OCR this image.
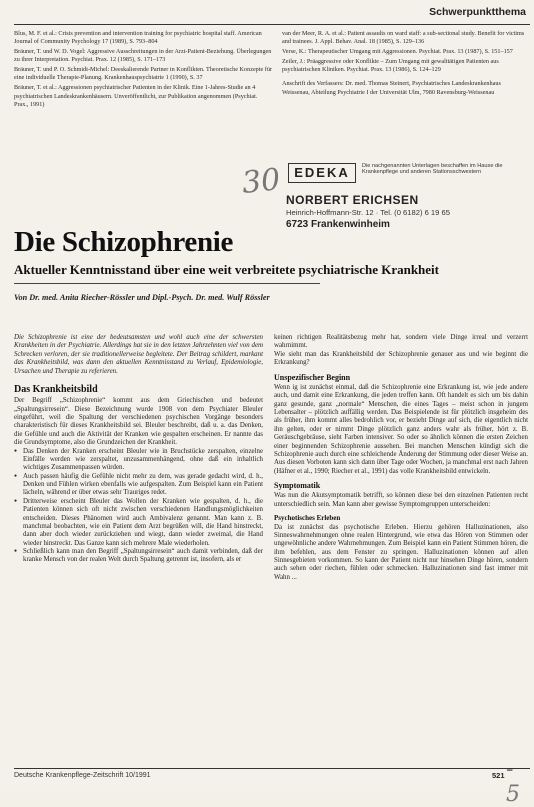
Schwerpunktthema

Blus, M. F. et al.: Crisis prevention and intervention training for psychiatric hospital staff. American Journal of Community Psychology 17 (1989), S. 793–804

Bräuner, T. und W. D. Vogel: Aggressive Ausschreitungen in der Arzt-Patient-Beziehung. Überlegungen zu ihrer Interpretation. Psychiat. Prax. 12 (1985), S. 171–173

Bräuner, T. und P. O. Schmidt-Michel: Deeskalierende Partner in Konflikten. Theoretische Konzepte für eine individuelle Therapie-Planung. Krankenhauspsychiatrie 1 (1990), S. 37

Bräuner, T. et al.: Aggressionen psychiatrischer Patienten in der Klinik. Eine 1-Jahres-Studie an 4 psychiatrischen Landeskrankenhäusern. Unveröffentlicht, zur Publikation angenommen (Psychiat. Prax., 1991)

van der Meer, R. A. et al.: Patient assaults on ward staff: a sub-sectional study. Benefit for victims and trainees. J. Appl. Behav. Anal. 18 (1985), S. 129–136

Verse, K.: Therapeutischer Umgang mit Aggressionen. Psychiat. Prax. 13 (1987), S. 151–157

Zeiler, J.: Präaggressive oder Konflikte – Zum Umgang mit gewalttätigen Patienten aus psychiatrischen Kliniken. Psychiat. Prax. 13 (1986), S. 124–129

Anschrift des Verfassers: Dr. med. Thomas Steinert, Psychiatrisches Landeskrankenhaus Weissenau, Abteilung Psychiatrie I der Universität Ulm, 7980 Ravensburg-Weissenau

30 EDEKA	Die nachgenannten Unterlagen beschaffen im Hause die Krankenpflege und anderen Stationsschwestern
NORBERT ERICHSEN
Heinrich-Hoffmann-Str. 12 · Tel. (0 6182) 6 19 65
6723 Frankenwinheim
Die Schizophrenie
Aktueller Kenntnisstand über eine weit verbreitete psychiatrische Krankheit
Von Dr. med. Anita Riecher-Rössler und Dipl.-Psych. Dr. med. Wulf Rössler

Die Schizophrenie ist eine der bedeutsamsten und wohl auch eine der schwersten Krankheiten in der Psychiatrie. Allerdings hat sie in den letzten Jahrzehnten viel von dem Schrecken verloren, der sie traditionellerweise begleitete. Der Beitrag schildert, markant das Krankheitsbild, was dann den aktuellen Kenntnisstand zu Verlauf, Epidemiologie, Ursachen und Therapie zu referieren.

Das Krankheitsbild

Der Begriff „Schizophrenie“ kommt aus dem Griechischen und bedeutet „Spaltungsirresein“. Diese Bezeichnung wurde 1908 von dem Psychiater Bleuler eingeführt, weil die Spaltung der verschiedenen psychischen Vorgänge besonders charakteristisch für dieses Krankheitsbild sei. Bleuler beschreibt, daß u. a. das Denken, die Gefühle und auch die Aktivität der Kranken wie gespalten erscheinen. Er nannte das die Grundsymptome, also die Grundzeichen der Krankheit.

● Das Denken der Kranken erscheint Bleuler wie in Bruchstücke zerspalten, einzelne Einfälle werden wie zerspaltet, unzusammenhängend, ohne daß ein inhaltlich wichtiges Zusammenpassen würden.

● Auch passen häufig die Gefühle nicht mehr zu dem, was gerade gedacht wird, d. h., Denken und Fühlen wirken ebenfalls wie aufgespalten. Zum Beispiel kann ein Patient lächeln, während er über etwas sehr Trauriges redet.

● Dritterweise erscheint Bleuler das Wollen der Kranken wie gespalten, d. h., die Patienten können sich oft nicht zwischen verschiedenen Handlungsmöglichkeiten entscheiden. Dieses Phänomen wird auch Ambivalenz genannt. Man kann z. B. manchmal beobachten, wie ein Patient dem Arzt begrüßen will, die Hand hinstreckt, dann aber doch wieder zurückziehen und wiegt, dann wieder zweimal, die Hand wieder hinstreckt. Das Ganze kann sich mehrere Male wiederholen.

● Schließlich kann man den Begriff „Spaltungsirresein“ auch damit verbinden, daß der kranke Mensch von der realen Welt durch Spaltung getrennt ist, insofern, als er

keinen richtigen Realitätsbezug mehr hat, sondern viele Dinge irreal und verzerrt wahrnimmt.

Wie sieht man das Krankheitsbild der Schizophrenie genauer aus und wie beginnt die Erkrankung?

Unspezifischer Beginn

Wenn ig ist zunächst einmal, daß die Schizophrenie eine Erkrankung ist, wie jede andere auch, und damit eine Erkrankung, die jeden treffen kann. Oft handelt es sich um bis dahin ganz gesunde, ganz „normale“ Menschen, die eines Tages – meist schon in jungem Lebensalter – plötzlich auffällig werden. Das Beispielende ist für plötzlich insgeheim des als früher, ihm kommt alles bedrohlich vor, er bezieht Dinge auf sich, die eigentlich nicht ihn gelten, oder er nimmt Dinge plötzlich ganz anders wahr als früher, hört z. B. Geräuschgebräuse, sieht Farben intensiver. So oder so ähnlich können die ersten Zeichen einer beginnenden Schizophrenie aussehen. Bei manchen Menschen kündigt sich die Schizophrenie auch durch eine schleichende Änderung der Stimmung oder dieser Weise an. Aus diesen Vorboten kann sich dann über Tage oder Wochen, ja manchmal erst nach Jahren (Häfner et al., 1990; Riecher et al., 1991) das volle Krankheitsbild entwickeln.

Symptomatik

Was nun die Akutsymptomatik betrifft, so können diese bei den einzelnen Patienten recht unterschiedlich sein. Man kann aber gewisse Symptomgruppen unterscheiden:

Psychotisches Erleben

Da ist zunächst das psychotische Erleben. Hierzu gehören Halluzinationen, also Sinneswahrnehmungen ohne realen Hintergrund, wie etwa das Hören von Stimmen oder ungewöhnliche andere Wahrnehmungen. Zum Beispiel kann ein Patient Stimmen hören, die ihm befehlen, aus dem Fenster zu springen. Halluzinationen können auf allen Sinnesgebieten vorkommen. So kann der Patient nicht nur hinsehen Dinge hören, sondern auch sehen oder riechen, fühlen oder schmecken. Halluzinationen sind fast immer mit Wahn ...

Deutsche Krankenpflege-Zeitschrift 10/1991	521 - 5
